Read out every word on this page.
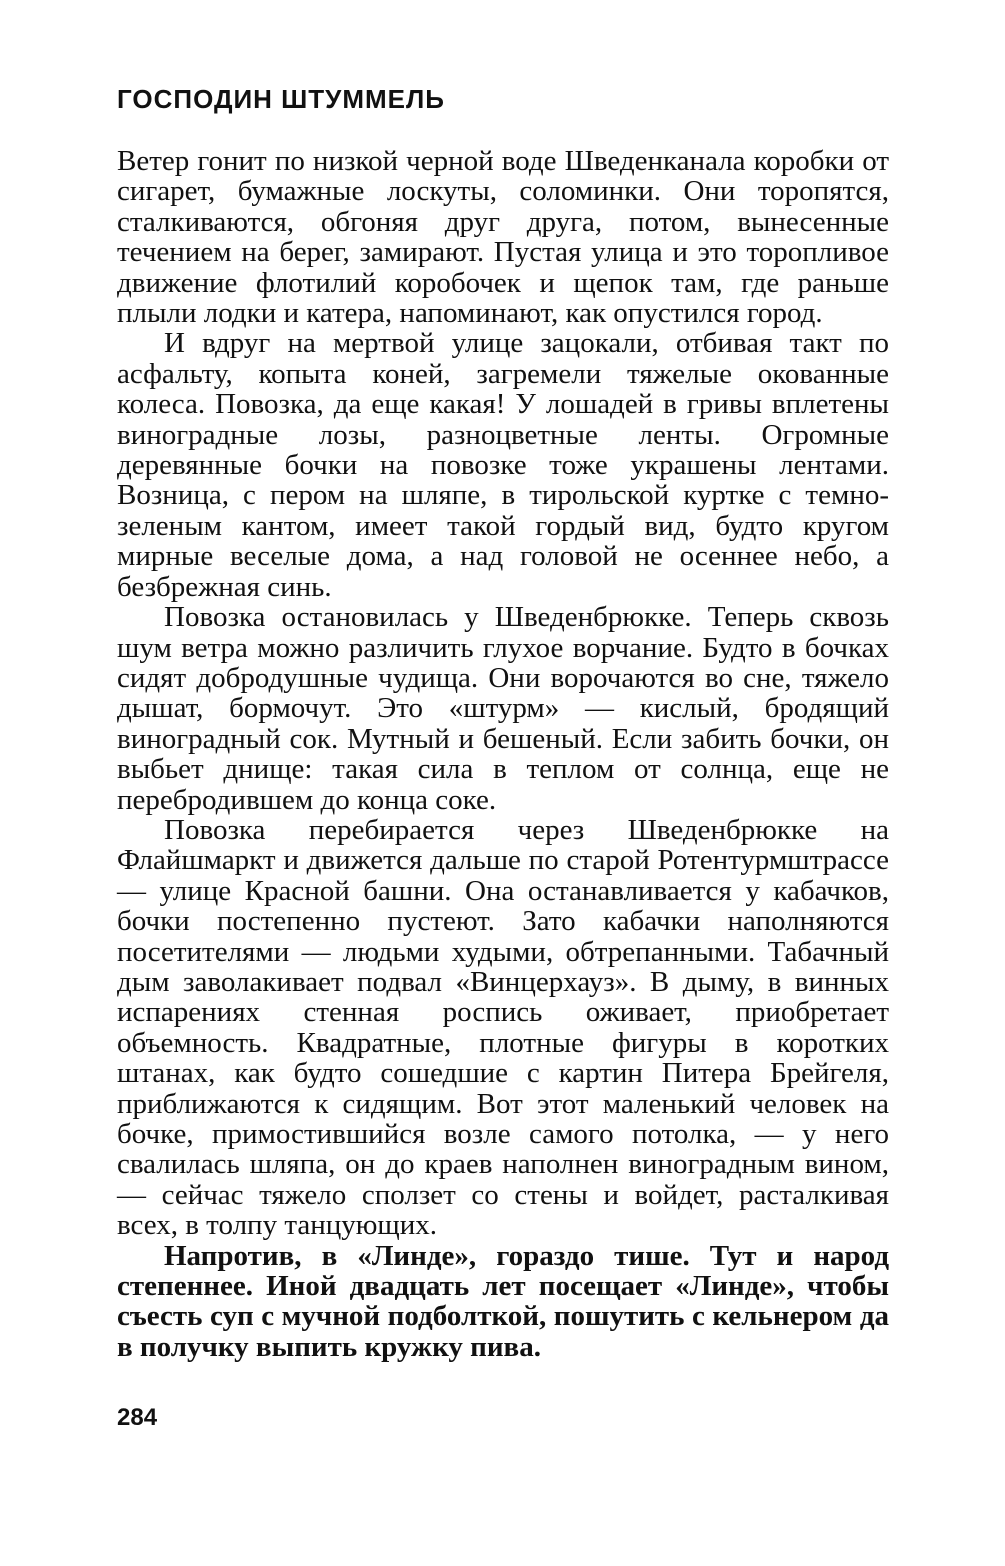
ГОСПОДИН ШТУММЕЛЬ

Ветер гонит по низкой черной воде Шведенканала коробки от сигарет, бумажные лоскуты, соломинки. Они торопятся, сталкиваются, обгоняя друг друга, потом, вынесенные течением на берег, замирают. Пустая улица и это торопливое движение флотилий коробочек и щепок там, где раньше плыли лодки и катера, напоминают, как опустился город.

И вдруг на мертвой улице зацокали, отбивая такт по асфальту, копыта коней, загремели тяжелые окованные колеса. Повозка, да еще какая! У лошадей в гривы вплетены виноградные лозы, разноцветные ленты. Огромные деревянные бочки на повозке тоже украшены лентами. Возница, с пером на шляпе, в тирольской куртке с темно-зеленым кантом, имеет такой гордый вид, будто кругом мирные веселые дома, а над головой не осеннее небо, а безбрежная синь.

Повозка остановилась у Шведенбрюкке. Теперь сквозь шум ветра можно различить глухое ворчание. Будто в бочках сидят добродушные чудища. Они ворочаются во сне, тяжело дышат, бормочут. Это «штурм» — кислый, бродящий виноградный сок. Мутный и бешеный. Если забить бочки, он выбьет днище: такая сила в теплом от солнца, еще не перебродившем до конца соке.

Повозка перебирается через Шведенбрюкке на Флайшмаркт и движется дальше по старой Ротентурмштрассе — улице Красной башни. Она останавливается у кабачков, бочки постепенно пустеют. Зато кабачки наполняются посетителями — людьми худыми, обтрепанными. Табачный дым заволакивает подвал «Винцерхауз». В дыму, в винных испарениях стенная роспись оживает, приобретает объемность. Квадратные, плотные фигуры в коротких штанах, как будто сошедшие с картин Питера Брейгеля, приближаются к сидящим. Вот этот маленький человек на бочке, примостившийся возле самого потолка, — у него свалилась шляпа, он до краев наполнен виноградным вином, — сейчас тяжело сползет со стены и войдет, расталкивая всех, в толпу танцующих.

Напротив, в «Линде», гораздо тише. Тут и народ степеннее. Иной двадцать лет посещает «Линде», чтобы съесть суп с мучной подболткой, пошутить с кельнером да в получку выпить кружку пива.

284
